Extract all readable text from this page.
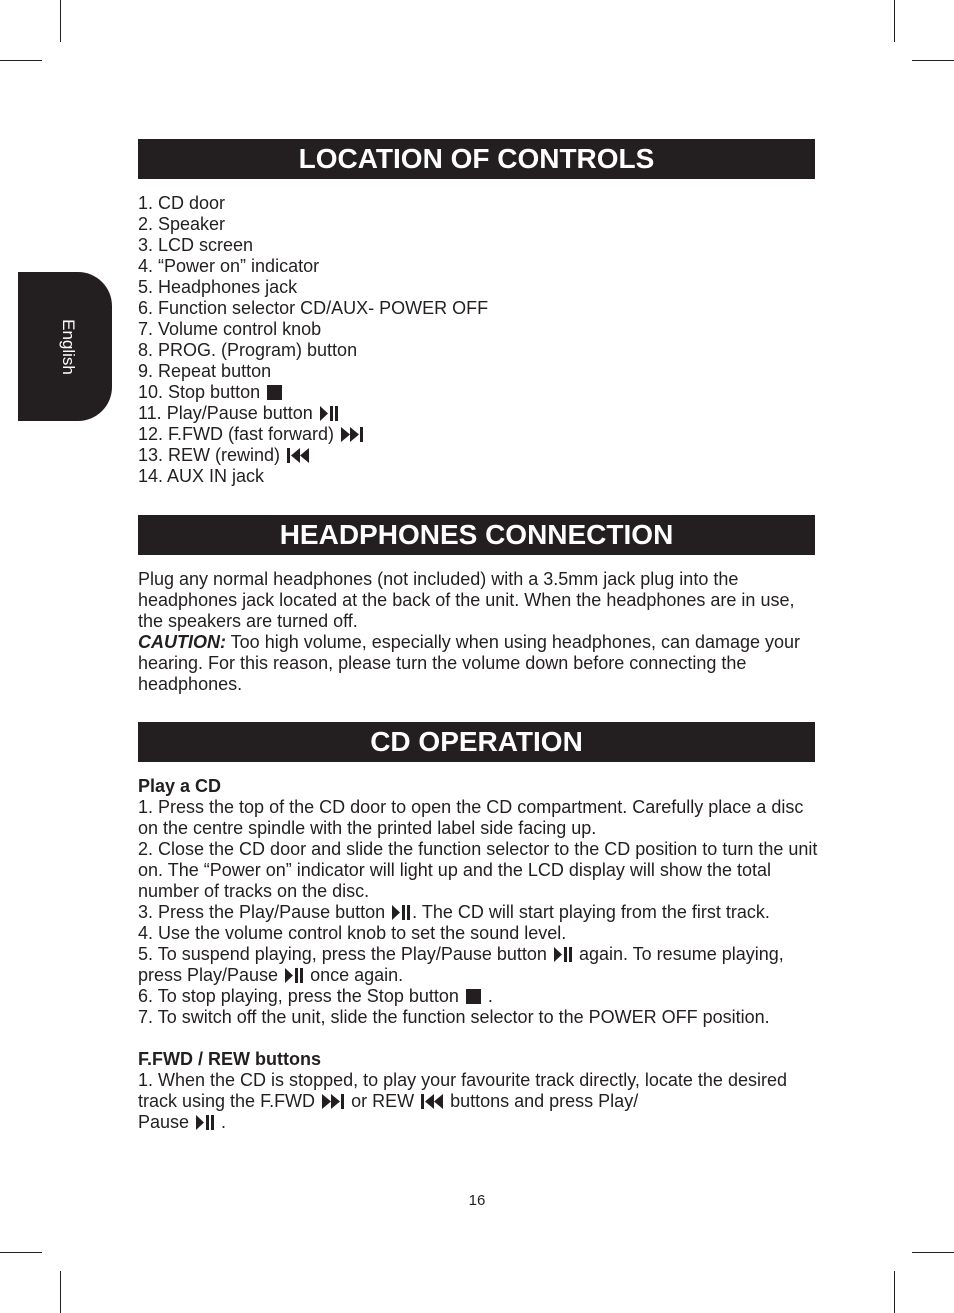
English
LOCATION OF CONTROLS

1. CD door

2. Speaker

3. LCD screen

4. “Power on” indicator

5. Headphones jack

6. Function selector CD/AUX- POWER OFF

7. Volume control knob

8. PROG. (Program) button

9. Repeat button

10. Stop button

11. Play/Pause button

12. F.FWD (fast forward)

13. REW (rewind)

14. AUX IN jack

HEADPHONES CONNECTION

Plug any normal headphones (not included) with a 3.5mm jack plug into the headphones jack located at the back of the unit. When the headphones are in use, the speakers are turned off.

CAUTION: Too high volume, especially when using headphones, can damage your hearing. For this reason, please turn the volume down before connecting the headphones.

CD OPERATION

Play a CD

1. Press the top of the CD door to open the CD compartment. Carefully place a disc on the centre spindle with the printed label side facing up.

2. Close the CD door and slide the function selector to the CD position to turn the unit on. The “Power on” indicator will light up and the LCD display will show the total number of tracks on the disc.

3. Press the Play/Pause button
. The CD will start playing from the first track.

4. Use the volume control knob to set the sound level.

5. To suspend playing, press the Play/Pause button
again. To resume playing, press Play/Pause
once again.

6. To stop playing, press the Stop button
.

7. To switch off the unit, slide the function selector to the POWER OFF position.

F.FWD / REW buttons

1. When the CD is stopped, to play your favourite track directly, locate the desired track using the F.FWD
or REW
buttons and press Play/
Pause
.

16
